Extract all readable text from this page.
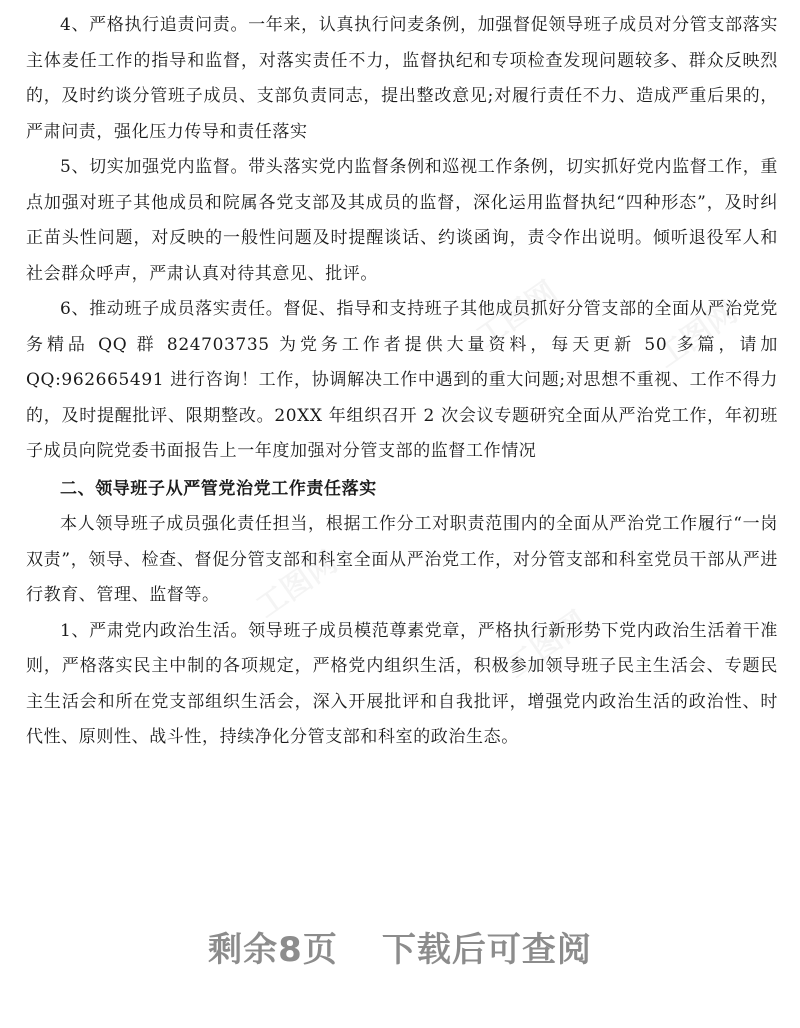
4、严格执行追责问责。一年来，认真执行问麦条例，加强督促领导班子成员对分管支部落实主体麦任工作的指导和监督，对落实责任不力，监督执纪和专项检查发现问题较多、群众反映烈的，及时约谈分管班子成员、支部负责同志，提出整改意见;对履行责任不力、造成严重后果的，严肃问责，强化压力传导和责任落实

5、切实加强党内监督。带头落实党内监督条例和巡视工作条例，切实抓好党内监督工作，重点加强对班子其他成员和院属各党支部及其成员的监督，深化运用监督执纪“四种形态”，及时纠正苗头性问题，对反映的一般性问题及时提醒谈话、约谈函询，责令作出说明。倾听退役军人和社会群众呼声，严肃认真对待其意见、批评。

6、推动班子成员落实责任。督促、指导和支持班子其他成员抓好分管支部的全面从严治党党务精品 QQ 群 824703735 为党务工作者提供大量资料，每天更新 50 多篇，请加 QQ:962665491 进行咨询！工作，协调解决工作中遇到的重大问题;对思想不重视、工作不得力的，及时提醒批评、限期整改。20XX 年组织召开 2 次会议专题研究全面从严治党工作，年初班子成员向院党委书面报告上一年度加强对分管支部的监督工作情况

二、领导班子从严管党治党工作责任落实

本人领导班子成员强化责任担当，根据工作分工对职责范围内的全面从严治党工作履行“一岗双责”，领导、检查、督促分管支部和科室全面从严治党工作，对分管支部和科室党员干部从严进行教育、管理、监督等。

1、严肃党内政治生活。领导班子成员模范尊素党章，严格执行新形势下党内政治生活着干准则，严格落实民主中制的各项规定，严格党内组织生活，积极参加领导班子民主生活会、专题民主生活会和所在党支部组织生活会，深入开展批评和自我批评，增强党内政治生活的政治性、时代性、原则性、战斗性，持续净化分管支部和科室的政治生态。

剩余8页 下载后可查阅
